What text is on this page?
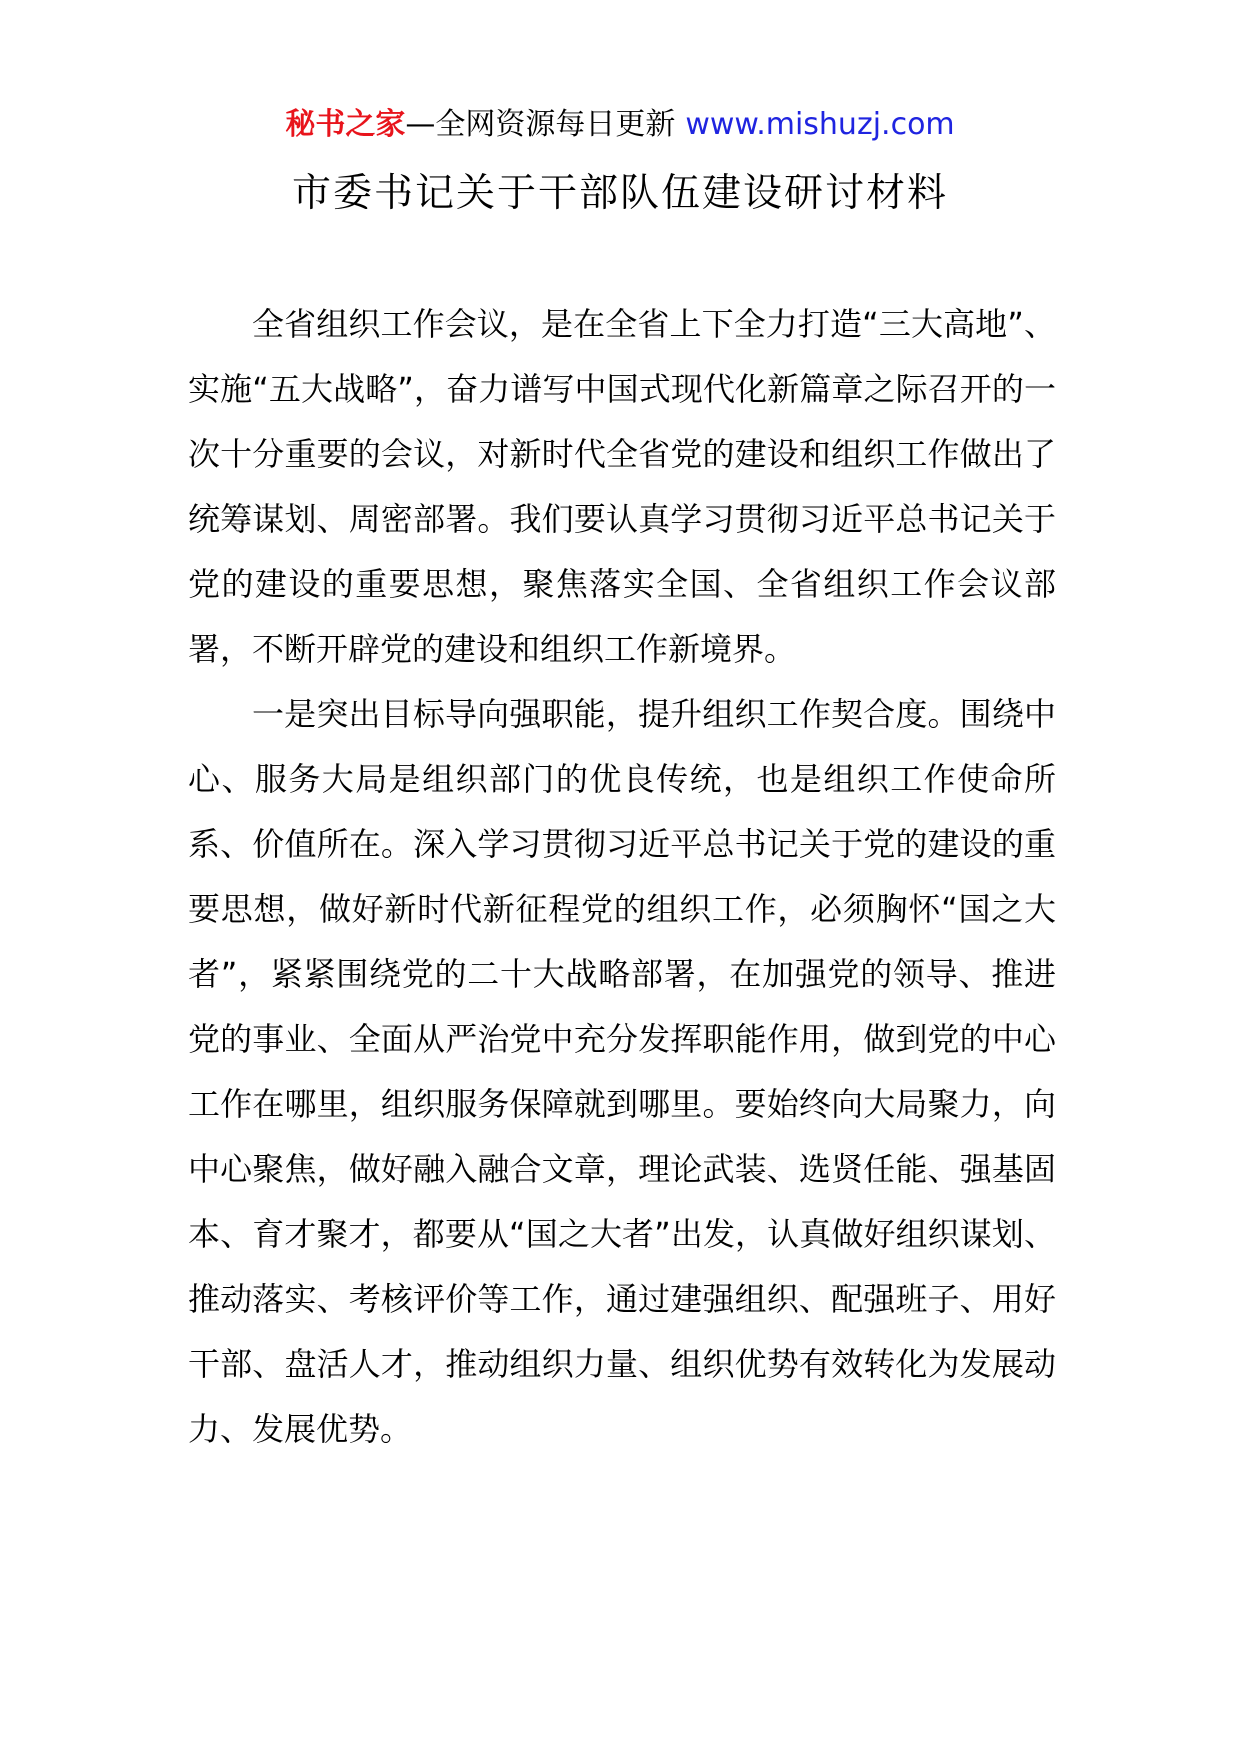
秘书之家—全网资源每日更新 www.mishuzj.com
市委书记关于干部队伍建设研讨材料

全省组织工作会议，是在全省上下全力打造“三大高地”、实施“五大战略”，奋力谱写中国式现代化新篇章之际召开的一次十分重要的会议，对新时代全省党的建设和组织工作做出了统筹谋划、周密部署。我们要认真学习贯彻习近平总书记关于党的建设的重要思想，聚焦落实全国、全省组织工作会议部署，不断开辟党的建设和组织工作新境界。

一是突出目标导向强职能，提升组织工作契合度。围绕中心、服务大局是组织部门的优良传统，也是组织工作使命所系、价值所在。深入学习贯彻习近平总书记关于党的建设的重要思想，做好新时代新征程党的组织工作，必须胸怀“国之大者”，紧紧围绕党的二十大战略部署，在加强党的领导、推进党的事业、全面从严治党中充分发挥职能作用，做到党的中心工作在哪里，组织服务保障就到哪里。要始终向大局聚力，向中心聚焦，做好融入融合文章，理论武装、选贤任能、强基固本、育才聚才，都要从“国之大者”出发，认真做好组织谋划、推动落实、考核评价等工作，通过建强组织、配强班子、用好干部、盘活人才，推动组织力量、组织优势有效转化为发展动力、发展优势。
